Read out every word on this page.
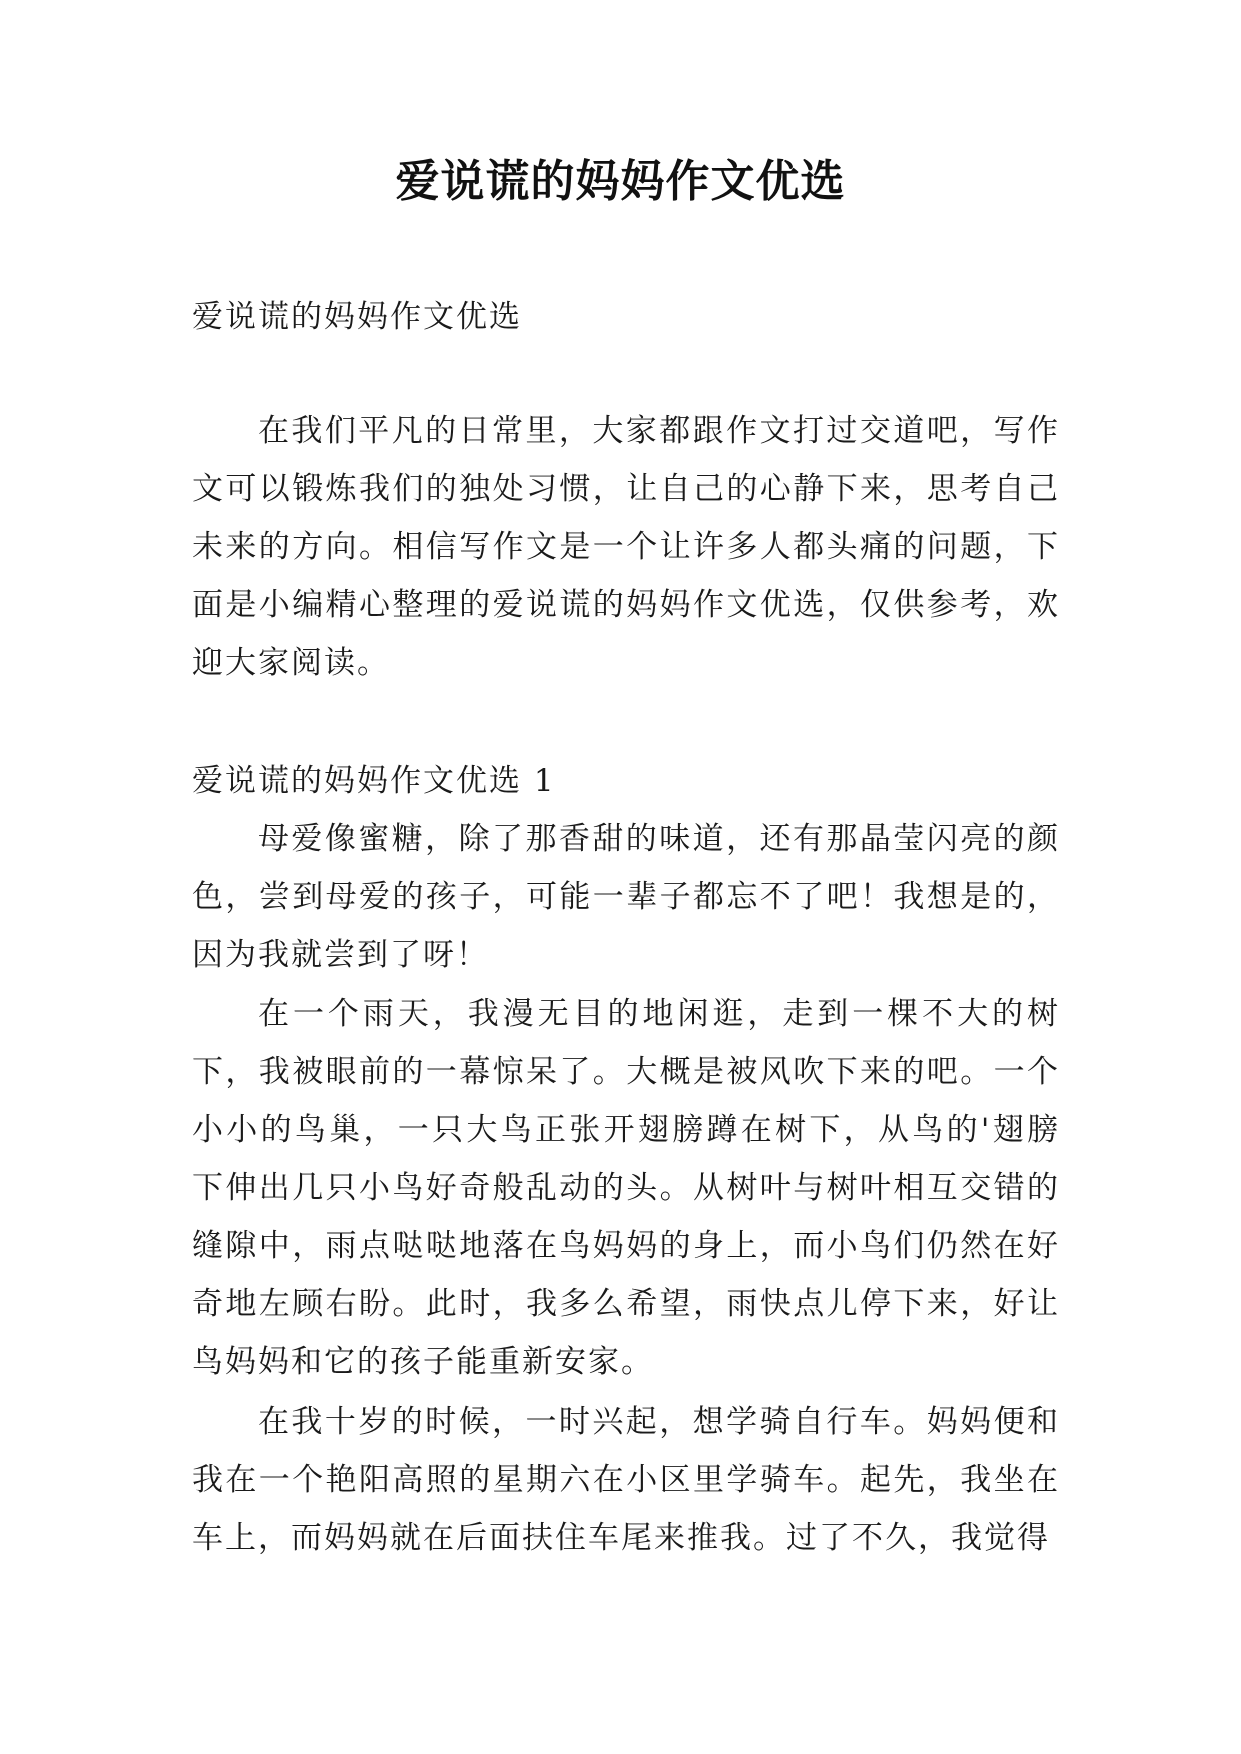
爱说谎的妈妈作文优选
爱说谎的妈妈作文优选
在我们平凡的日常里，大家都跟作文打过交道吧，写作文可以锻炼我们的独处习惯，让自己的心静下来，思考自己未来的方向。相信写作文是一个让许多人都头痛的问题，下面是小编精心整理的爱说谎的妈妈作文优选，仅供参考，欢迎大家阅读。
爱说谎的妈妈作文优选 1
母爱像蜜糖，除了那香甜的味道，还有那晶莹闪亮的颜色，尝到母爱的孩子，可能一辈子都忘不了吧！我想是的，因为我就尝到了呀！
在一个雨天，我漫无目的地闲逛，走到一棵不大的树下，我被眼前的一幕惊呆了。大概是被风吹下来的吧。一个小小的鸟巢，一只大鸟正张开翅膀蹲在树下，从鸟的'翅膀下伸出几只小鸟好奇般乱动的头。从树叶与树叶相互交错的缝隙中，雨点哒哒地落在鸟妈妈的身上，而小鸟们仍然在好奇地左顾右盼。此时，我多么希望，雨快点儿停下来，好让鸟妈妈和它的孩子能重新安家。
在我十岁的时候，一时兴起，想学骑自行车。妈妈便和我在一个艳阳高照的星期六在小区里学骑车。起先，我坐在车上，而妈妈就在后面扶住车尾来推我。过了不久，我觉得
